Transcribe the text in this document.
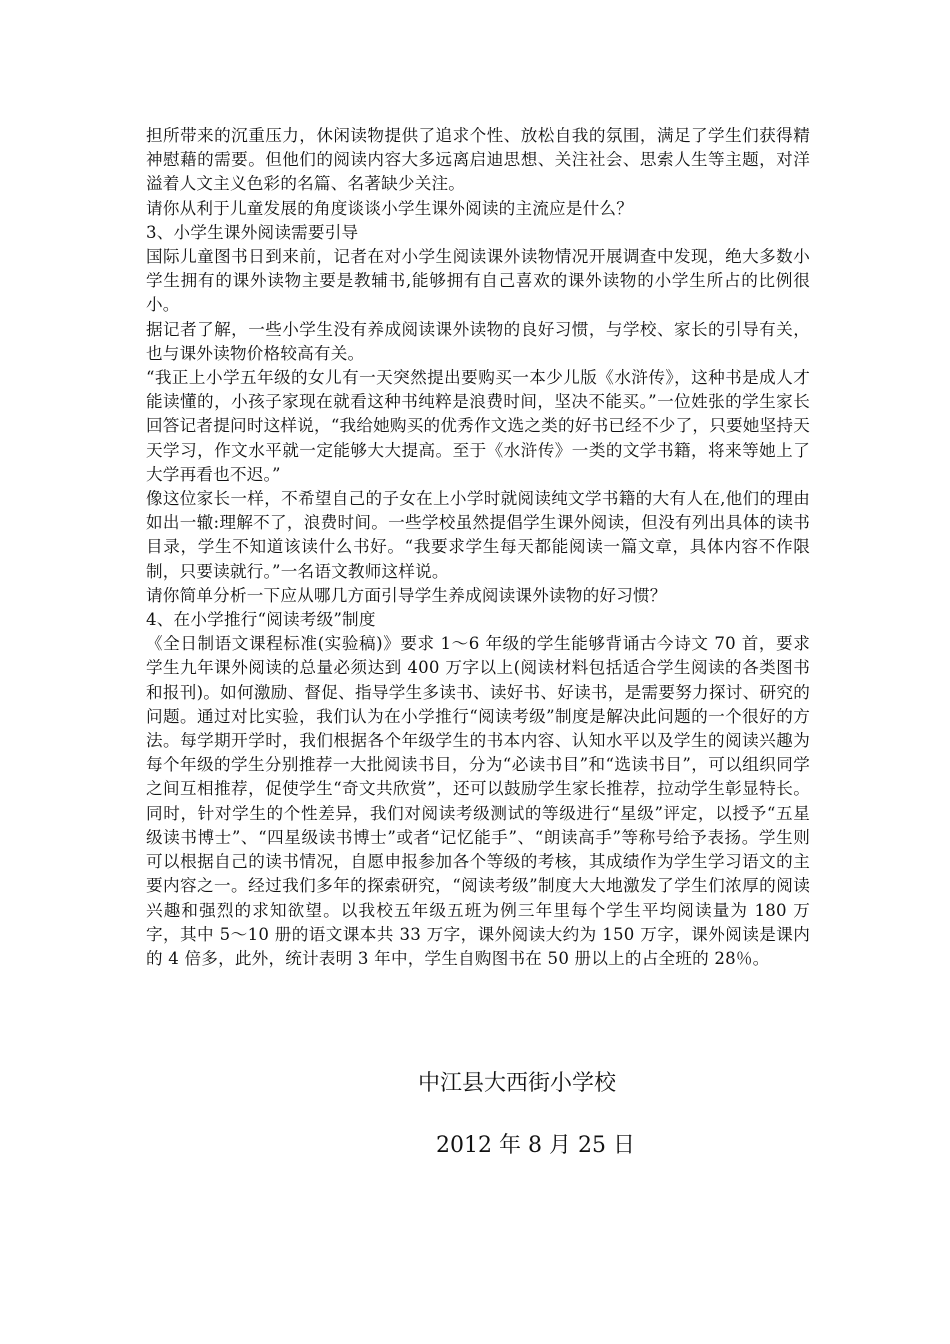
担所带来的沉重压力，休闲读物提供了追求个性、放松自我的氛围，满足了学生们获得精神慰藉的需要。但他们的阅读内容大多远离启迪思想、关注社会、思索人生等主题，对洋溢着人文主义色彩的名篇、名著缺少关注。

请你从利于儿童发展的角度谈谈小学生课外阅读的主流应是什么？

3、小学生课外阅读需要引导

国际儿童图书日到来前，记者在对小学生阅读课外读物情况开展调查中发现，绝大多数小学生拥有的课外读物主要是教辅书,能够拥有自己喜欢的课外读物的小学生所占的比例很小。

据记者了解，一些小学生没有养成阅读课外读物的良好习惯，与学校、家长的引导有关，也与课外读物价格较高有关。

“我正上小学五年级的女儿有一天突然提出要购买一本少儿版《水浒传》，这种书是成人才能读懂的，小孩子家现在就看这种书纯粹是浪费时间，坚决不能买。”一位姓张的学生家长回答记者提问时这样说，“我给她购买的优秀作文选之类的好书已经不少了，只要她坚持天天学习，作文水平就一定能够大大提高。至于《水浒传》一类的文学书籍，将来等她上了大学再看也不迟。”

像这位家长一样，不希望自己的子女在上小学时就阅读纯文学书籍的大有人在,他们的理由如出一辙:理解不了，浪费时间。一些学校虽然提倡学生课外阅读，但没有列出具体的读书目录，学生不知道该读什么书好。“我要求学生每天都能阅读一篇文章，具体内容不作限制，只要读就行。”一名语文教师这样说。

请你简单分析一下应从哪几方面引导学生养成阅读课外读物的好习惯？

4、在小学推行“阅读考级”制度

《全日制语文课程标准(实验稿)》要求 1～6 年级的学生能够背诵古今诗文 70 首，要求学生九年课外阅读的总量必须达到 400 万字以上(阅读材料包括适合学生阅读的各类图书和报刊)。如何激励、督促、指导学生多读书、读好书、好读书，是需要努力探讨、研究的问题。通过对比实验，我们认为在小学推行“阅读考级”制度是解决此问题的一个很好的方法。每学期开学时，我们根据各个年级学生的书本内容、认知水平以及学生的阅读兴趣为每个年级的学生分别推荐一大批阅读书目，分为“必读书目”和“选读书目”，可以组织同学之间互相推荐，促使学生“奇文共欣赏”，还可以鼓励学生家长推荐，拉动学生彰显特长。同时，针对学生的个性差异，我们对阅读考级测试的等级进行“星级”评定，以授予“五星级读书博士”、“四星级读书博士”或者“记忆能手”、“朗读高手”等称号给予表扬。学生则可以根据自己的读书情况，自愿申报参加各个等级的考核，其成绩作为学生学习语文的主要内容之一。经过我们多年的探索研究，“阅读考级”制度大大地激发了学生们浓厚的阅读兴趣和强烈的求知欲望。以我校五年级五班为例三年里每个学生平均阅读量为 180 万字，其中 5～10 册的语文课本共 33 万字，课外阅读大约为 150 万字，课外阅读是课内的 4 倍多，此外，统计表明 3 年中，学生自购图书在 50 册以上的占全班的 28％。

中江县大西街小学校
2012 年 8 月 25 日
